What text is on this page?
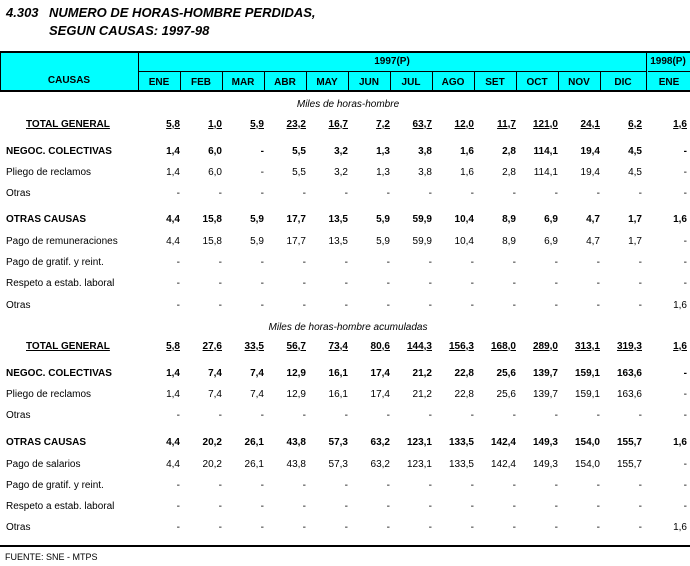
4.303 NUMERO DE HORAS-HOMBRE PERDIDAS,
SEGUN CAUSAS: 1997-98
CAUSAS
1997(P)	1998(P)
ENE	FEB	MAR	ABR	MAY	JUN	JUL	AGO	SET	OCT	NOV	DIC	ENE
Miles de horas-hombre
TOTAL GENERAL	5,8	1,0	5,9	23,2	16,7	7,2	63,7	12,0	11,7	121,0	24,1	6,2	1,6
NEGOC. COLECTIVAS	1,4	6,0	-	5,5	3,2	1,3	3,8	1,6	2,8	114,1	19,4	4,5	-
Pliego de reclamos	1,4	6,0	-	5,5	3,2	1,3	3,8	1,6	2,8	114,1	19,4	4,5	-
Otras	-	-	-	-	-	-	-	-	-	-	-	-	-
OTRAS CAUSAS	4,4	15,8	5,9	17,7	13,5	5,9	59,9	10,4	8,9	6,9	4,7	1,7	1,6
Pago de remuneraciones	4,4	15,8	5,9	17,7	13,5	5,9	59,9	10,4	8,9	6,9	4,7	1,7	-
Pago de gratif. y reint.	-	-	-	-	-	-	-	-	-	-	-	-	-
Respeto a estab. laboral	-	-	-	-	-	-	-	-	-	-	-	-	-
Otras	-	-	-	-	-	-	-	-	-	-	-	-	1,6
Miles de horas-hombre acumuladas
TOTAL GENERAL	5,8	27,6	33,5	56,7	73,4	80,6	144,3	156,3	168,0	289,0	313,1	319,3	1,6
NEGOC. COLECTIVAS	1,4	7,4	7,4	12,9	16,1	17,4	21,2	22,8	25,6	139,7	159,1	163,6	-
Pliego de reclamos	1,4	7,4	7,4	12,9	16,1	17,4	21,2	22,8	25,6	139,7	159,1	163,6	-
Otras	-	-	-	-	-	-	-	-	-	-	-	-	-
OTRAS CAUSAS	4,4	20,2	26,1	43,8	57,3	63,2	123,1	133,5	142,4	149,3	154,0	155,7	1,6
Pago de salarios	4,4	20,2	26,1	43,8	57,3	63,2	123,1	133,5	142,4	149,3	154,0	155,7	-
Pago de gratif. y reint.	-	-	-	-	-	-	-	-	-	-	-	-	-
Respeto a estab. laboral	-	-	-	-	-	-	-	-	-	-	-	-	-
Otras	-	-	-	-	-	-	-	-	-	-	-	-	1,6
FUENTE: SNE - MTPS
